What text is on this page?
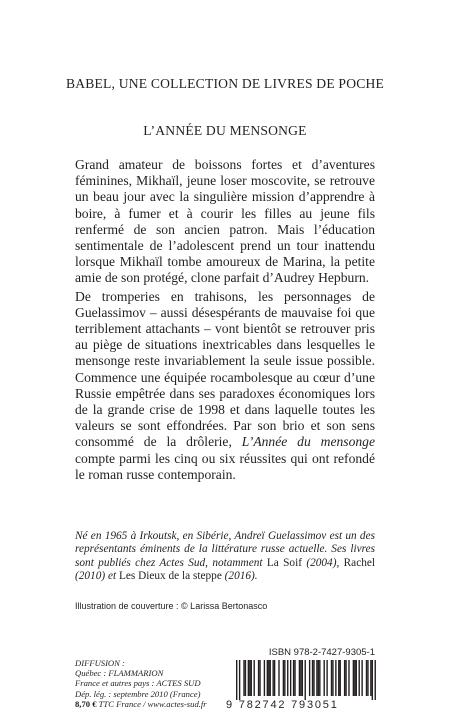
BABEL, UNE COLLECTION DE LIVRES DE POCHE
L’ANNÉE DU MENSONGE

Grand amateur de boissons fortes et d’aventures féminines, Mikhaïl, jeune loser moscovite, se retrouve un beau jour avec la singulière mission d’apprendre à boire, à fumer et à courir les filles au jeune fils renfermé de son ancien patron. Mais l’éducation sentimentale de l’adolescent prend un tour inattendu lorsque Mikhaïl tombe amoureux de Marina, la petite amie de son protégé, clone parfait d’Audrey Hepburn.

De tromperies en trahisons, les personnages de Guelassimov – aussi désespérants de mauvaise foi que terriblement attachants – vont bientôt se retrouver pris au piège de situations inextricables dans lesquelles le mensonge reste invariablement la seule issue possible. Commence une équipée rocambolesque au cœur d’une Russie empêtrée dans ses paradoxes économiques lors de la grande crise de 1998 et dans laquelle toutes les valeurs se sont effondrées. Par son brio et son sens consommé de la drôlerie, L’Année du mensonge compte parmi les cinq ou six réussites qui ont refondé le roman russe contemporain.

Né en 1965 à Irkoutsk, en Sibérie, Andreï Guelassimov est un des représentants éminents de la littérature russe actuelle. Ses livres sont publiés chez Actes Sud, notamment La Soif (2004), Rachel (2010) et Les Dieux de la steppe (2016).
Illustration de couverture : © Larissa Bertonasco
ISBN 978-2-7427-9305-1
DIFFUSION :
Québec : FLAMMARION
France et autres pays : ACTES SUD
Dép. lég. : septembre 2010 (France)
8,70 € TTC France / www.actes-sud.fr	9 782742 793051
